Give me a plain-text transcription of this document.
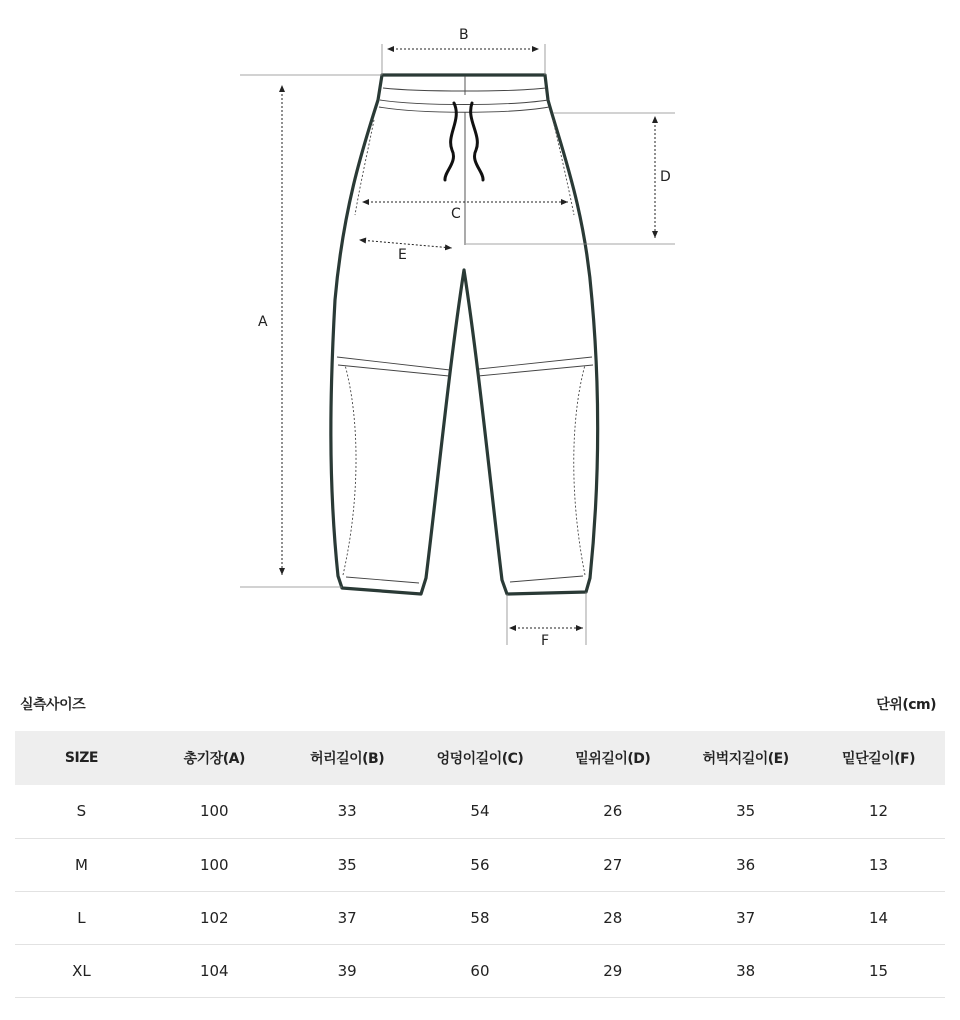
A
B
C
D
E
F
실측사이즈	단위(cm)
SIZE	총기장(A)	허리길이(B)	엉덩이길이(C)	밑위길이(D)	허벅지길이(E)	밑단길이(F)
S	100	33	54	26	35	12
M	100	35	56	27	36	13
L	102	37	58	28	37	14
XL	104	39	60	29	38	15
